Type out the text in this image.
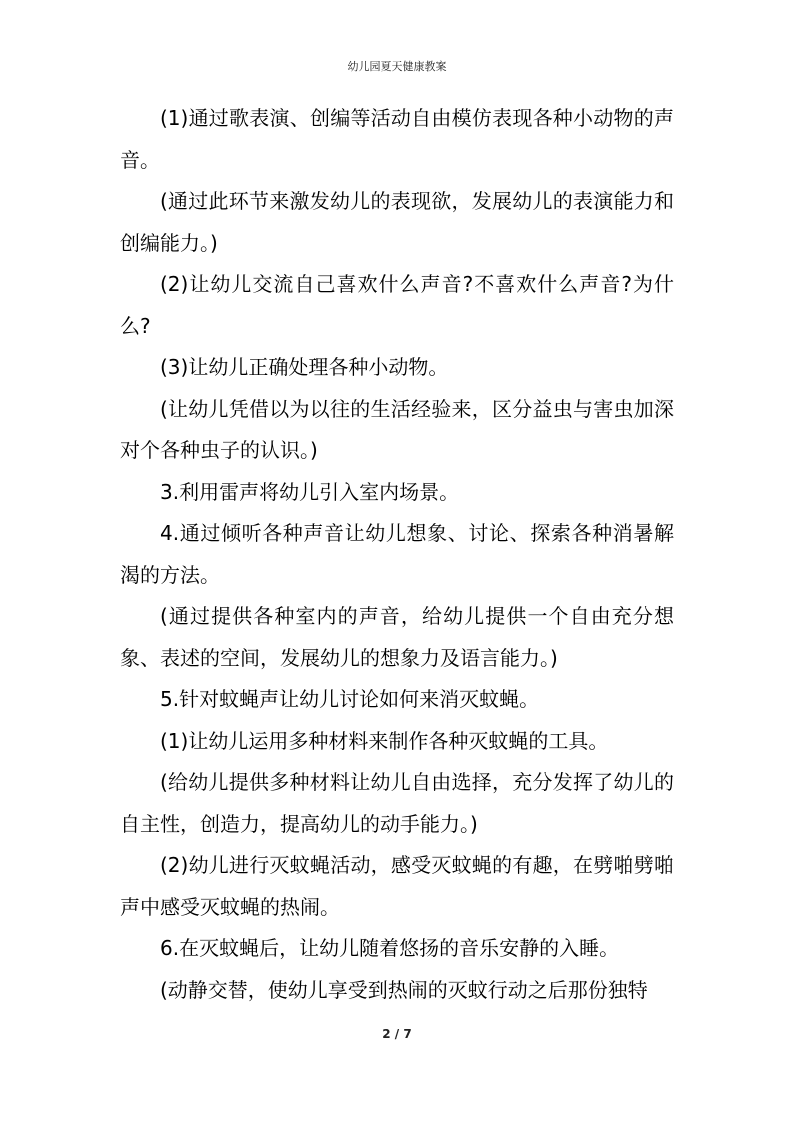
幼儿园夏天健康教案

(1)通过歌表演、创编等活动自由模仿表现各种小动物的声音。

(通过此环节来激发幼儿的表现欲，发展幼儿的表演能力和创编能力。)

(2)让幼儿交流自己喜欢什么声音?不喜欢什么声音?为什么?

(3)让幼儿正确处理各种小动物。

(让幼儿凭借以为以往的生活经验来，区分益虫与害虫加深对个各种虫子的认识。)

3.利用雷声将幼儿引入室内场景。

4.通过倾听各种声音让幼儿想象、讨论、探索各种消暑解渴的方法。

(通过提供各种室内的声音，给幼儿提供一个自由充分想象、表述的空间，发展幼儿的想象力及语言能力。)

5.针对蚊蝇声让幼儿讨论如何来消灭蚊蝇。

(1)让幼儿运用多种材料来制作各种灭蚊蝇的工具。

(给幼儿提供多种材料让幼儿自由选择，充分发挥了幼儿的自主性，创造力，提高幼儿的动手能力。)

(2)幼儿进行灭蚊蝇活动，感受灭蚊蝇的有趣，在劈啪劈啪声中感受灭蚊蝇的热闹。

6.在灭蚊蝇后，让幼儿随着悠扬的音乐安静的入睡。

(动静交替，使幼儿享受到热闹的灭蚊行动之后那份独特

2 / 7
